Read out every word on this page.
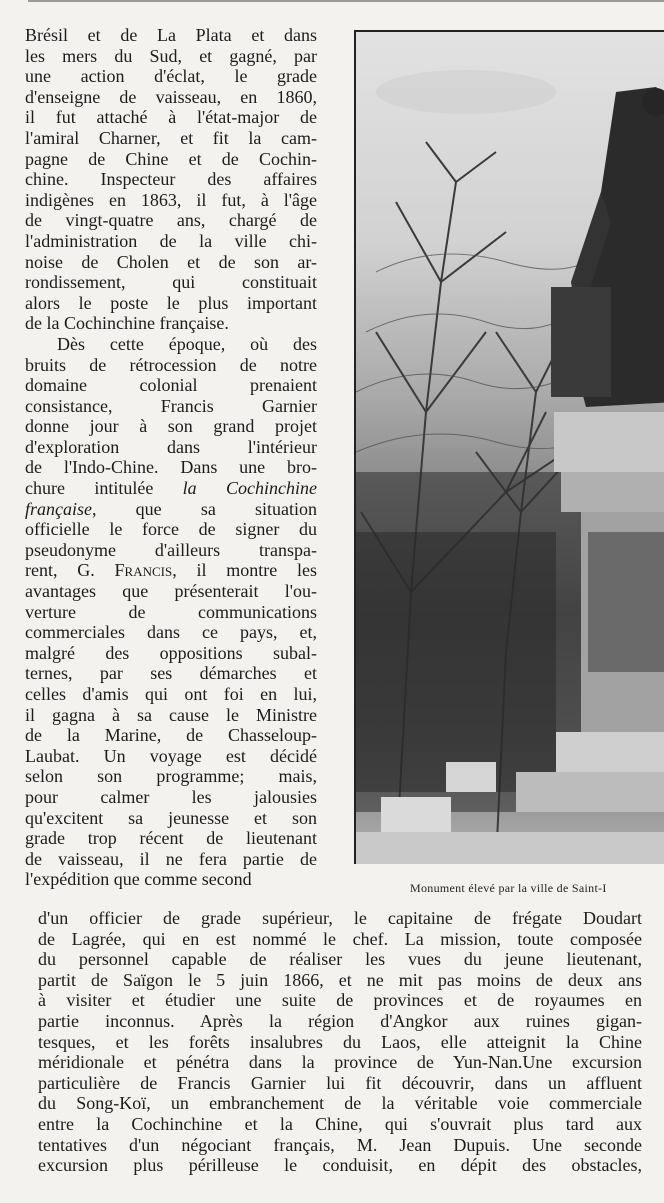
Brésil et de La Plata et dans
les mers du Sud, et gagné, par
une action d'éclat, le grade
d'enseigne de vaisseau, en 1860,
il fut attaché à l'état-major de
l'amiral Charner, et fit la cam-
pagne de Chine et de Cochin-
chine. Inspecteur des affaires
indigènes en 1863, il fut, à l'âge
de vingt-quatre ans, chargé de
l'administration de la ville chi-
noise de Cholen et de son ar-
rondissement, qui constituait
alors le poste le plus important
de la Cochinchine française.
Dès cette époque, où des
bruits de rétrocession de notre
domaine colonial prenaient
consistance, Francis Garnier
donne jour à son grand projet
d'exploration dans l'intérieur
de l'Indo-Chine. Dans une bro-
chure intitulée la Cochinchine
française, que sa situation
officielle le force de signer du
pseudonyme d'ailleurs transpa-
rent, G. Francis, il montre les
avantages que présenterait l'ou-
verture de communications
commerciales dans ce pays, et,
malgré des oppositions subal-
ternes, par ses démarches et
celles d'amis qui ont foi en lui,
il gagna à sa cause le Ministre
de la Marine, de Chasseloup-
Laubat. Un voyage est décidé
selon son programme; mais,
pour calmer les jalousies
qu'excitent sa jeunesse et son
grade trop récent de lieutenant
de vaisseau, il ne fera partie de
l'expédition que comme second	Monument élevé par la ville de Saint-I
d'un officier de grade supérieur, le capitaine de frégate Doudart
de Lagrée, qui en est nommé le chef. La mission, toute composée
du personnel capable de réaliser les vues du jeune lieutenant,
partit de Saïgon le 5 juin 1866, et ne mit pas moins de deux ans
à visiter et étudier une suite de provinces et de royaumes en
partie inconnus. Après la région d'Angkor aux ruines gigan-
tesques, et les forêts insalubres du Laos, elle atteignit la Chine
méridionale et pénétra dans la province de Yun-Nan.Une excursion
particulière de Francis Garnier lui fit découvrir, dans un affluent
du Song-Koï, un embranchement de la véritable voie commerciale
entre la Cochinchine et la Chine, qui s'ouvrait plus tard aux
tentatives d'un négociant français, M. Jean Dupuis. Une seconde
excursion plus périlleuse le conduisit, en dépit des obstacles,
